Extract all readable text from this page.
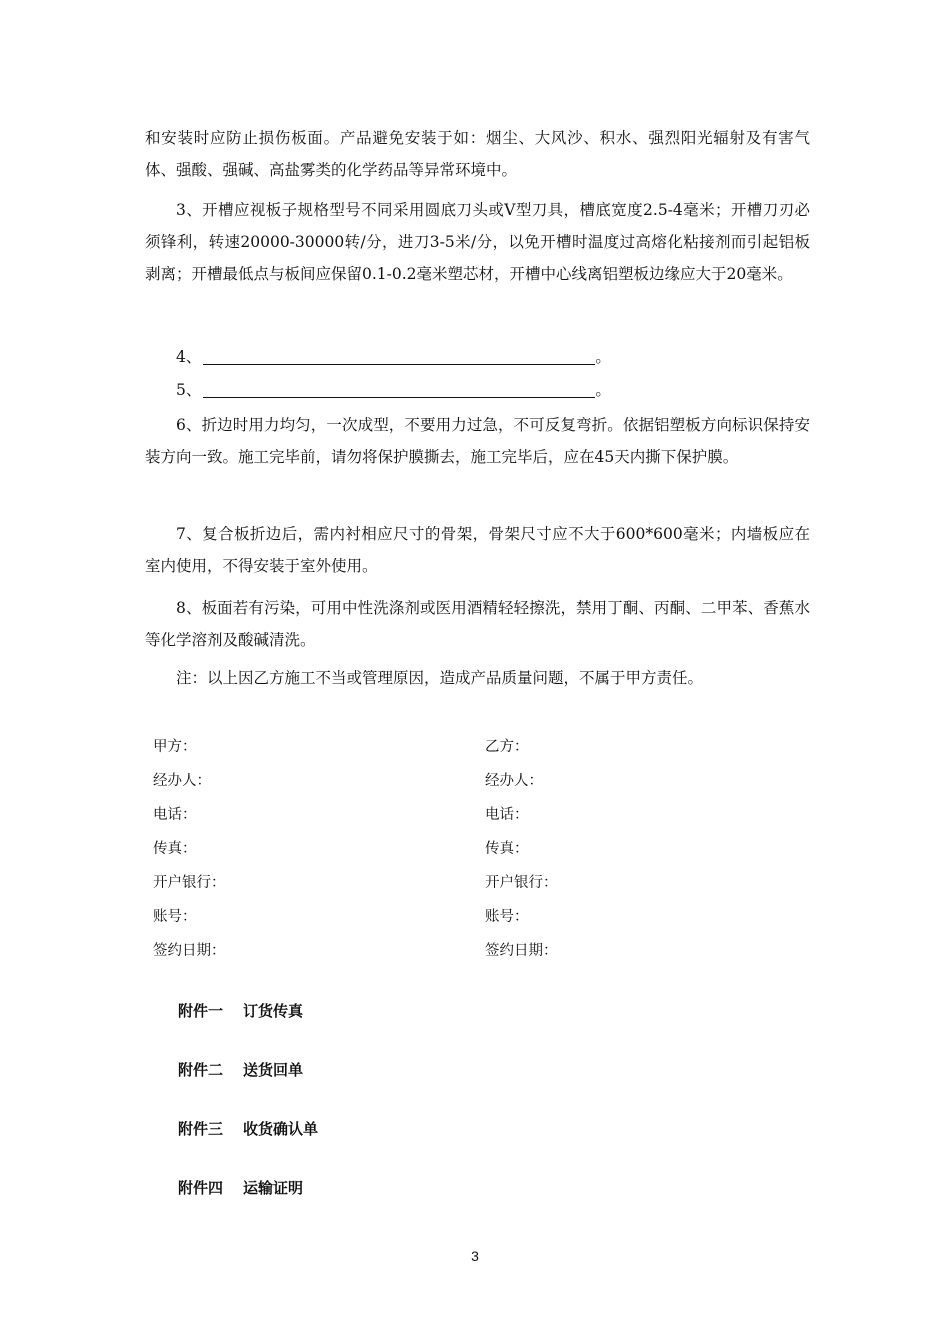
和安装时应防止损伤板面。产品避免安装于如：烟尘、大风沙、积水、强烈阳光辐射及有害气体、强酸、强碱、高盐雾类的化学药品等异常环境中。
3、开槽应视板子规格型号不同采用圆底刀头或V型刀具，槽底宽度2.5-4毫米；开槽刀刃必须锋利，转速20000-30000转/分，进刀3-5米/分，以免开槽时温度过高熔化粘接剂而引起铝板剥离；开槽最低点与板间应保留0.1-0.2毫米塑芯材，开槽中心线离铝塑板边缘应大于20毫米。
4、	。
5、	。
6、折边时用力均匀，一次成型，不要用力过急，不可反复弯折。依据铝塑板方向标识保持安装方向一致。施工完毕前，请勿将保护膜撕去，施工完毕后，应在45天内撕下保护膜。
7、复合板折边后，需内衬相应尺寸的骨架，骨架尺寸应不大于600*600毫米；内墙板应在室内使用，不得安装于室外使用。
8、板面若有污染，可用中性洗涤剂或医用酒精轻轻擦洗，禁用丁酮、丙酮、二甲苯、香蕉水等化学溶剂及酸碱清洗。
注：以上因乙方施工不当或管理原因，造成产品质量问题，不属于甲方责任。
甲方：
经办人：
电话：
传真：
开户银行：
账号：
签约日期：
乙方：
经办人：
电话：
传真：
开户银行：
账号：
签约日期：
附件一 订货传真
附件二 送货回单
附件三 收货确认单
附件四 运输证明
3
